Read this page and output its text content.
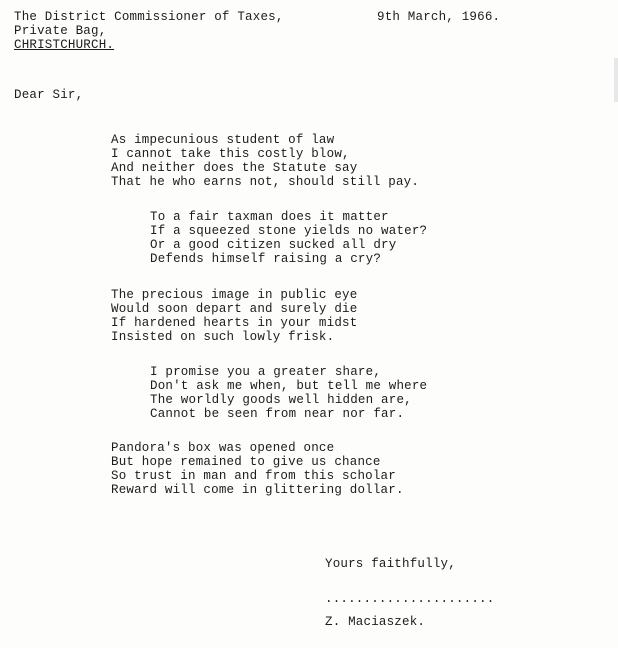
The District Commissioner of Taxes,
Private Bag,
CHRISTCHURCH.
9th March, 1966.
Dear Sir,
As impecunious student of law
I cannot take this costly blow,
And neither does the Statute say
That he who earns not, should still pay.
To a fair taxman does it matter
If a squeezed stone yields no water?
Or a good citizen sucked all dry
Defends himself raising a cry?
The precious image in public eye
Would soon depart and surely die
If hardened hearts in your midst
Insisted on such lowly frisk.
I promise you a greater share,
Don't ask me when, but tell me where
The worldly goods well hidden are,
Cannot be seen from near nor far.
Pandora's box was opened once
But hope remained to give us chance
So trust in man and from this scholar
Reward will come in glittering dollar.
Yours faithfully,
......................
Z. Maciaszek.
